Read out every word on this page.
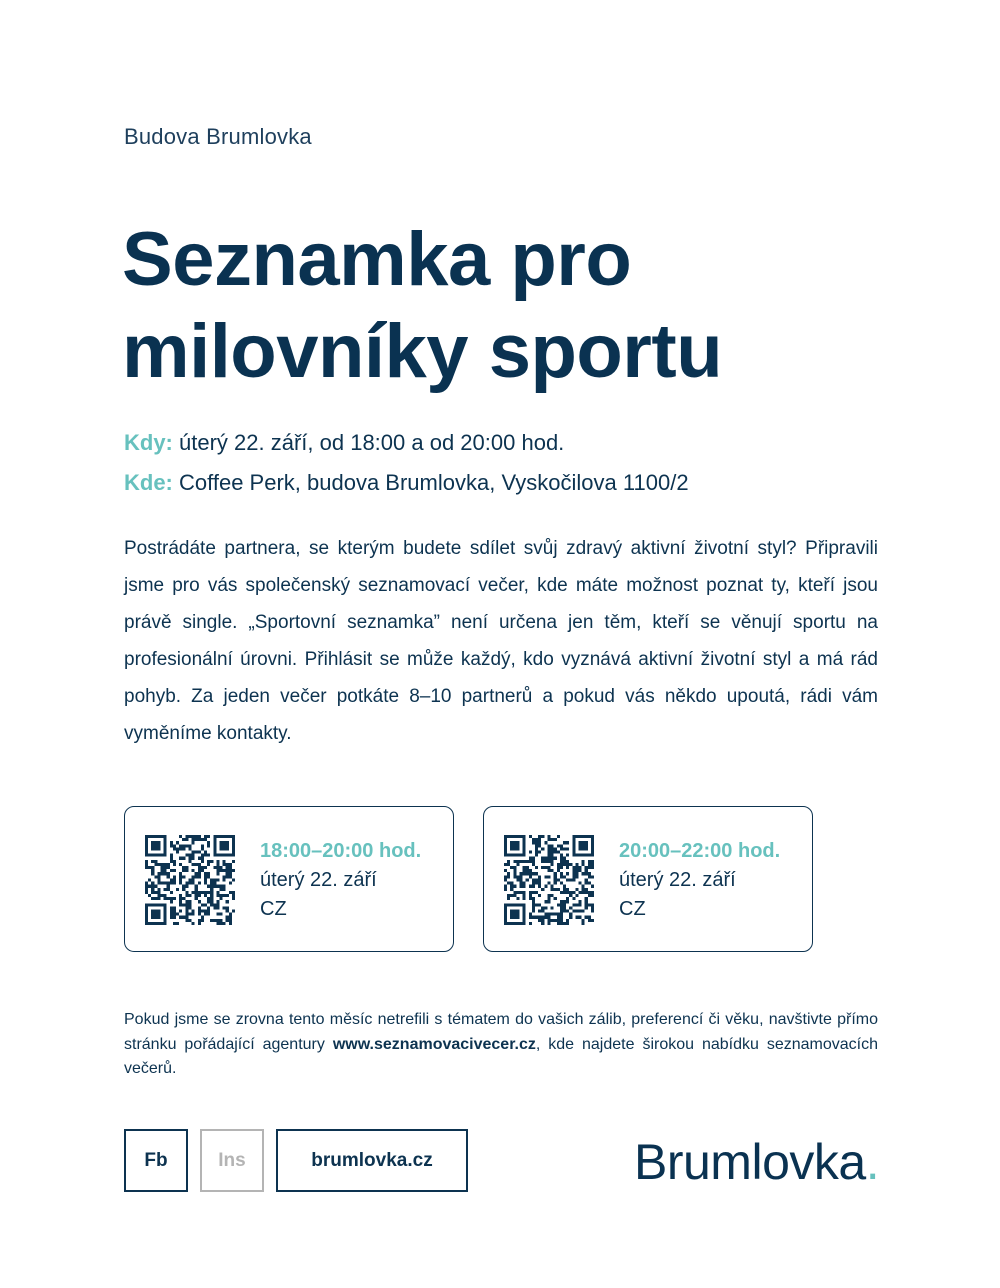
Budova Brumlovka
Seznamka pro
milovníky sportu
Kdy: úterý 22. září, od 18:00 a od 20:00 hod.
Kde: Coffee Perk, budova Brumlovka, Vyskočilova 1100/2
Postrádáte partnera, se kterým budete sdílet svůj zdravý aktivní životní styl? Připravili jsme pro vás společenský seznamovací večer, kde máte možnost poznat ty, kteří jsou právě single. „Sportovní seznamka” není určena jen těm, kteří se věnují sportu na profesionální úrovni. Přihlásit se může každý, kdo vyznává aktivní životní styl a má rád pohyb. Za jeden večer potkáte 8–10 partnerů a pokud vás někdo upoutá, rádi vám vyměníme kontakty.
18:00–20:00 hod.
úterý 22. září
CZ
20:00–22:00 hod.
úterý 22. září
CZ
Pokud jsme se zrovna tento měsíc netrefili s tématem do vašich zálib, preferencí či věku, navštivte přímo stránku pořádající agentury www.seznamovacivecer.cz, kde najdete širokou nabídku seznamovacích večerů.
Fb	Ins	brumlovka.cz	Brumlovka.
